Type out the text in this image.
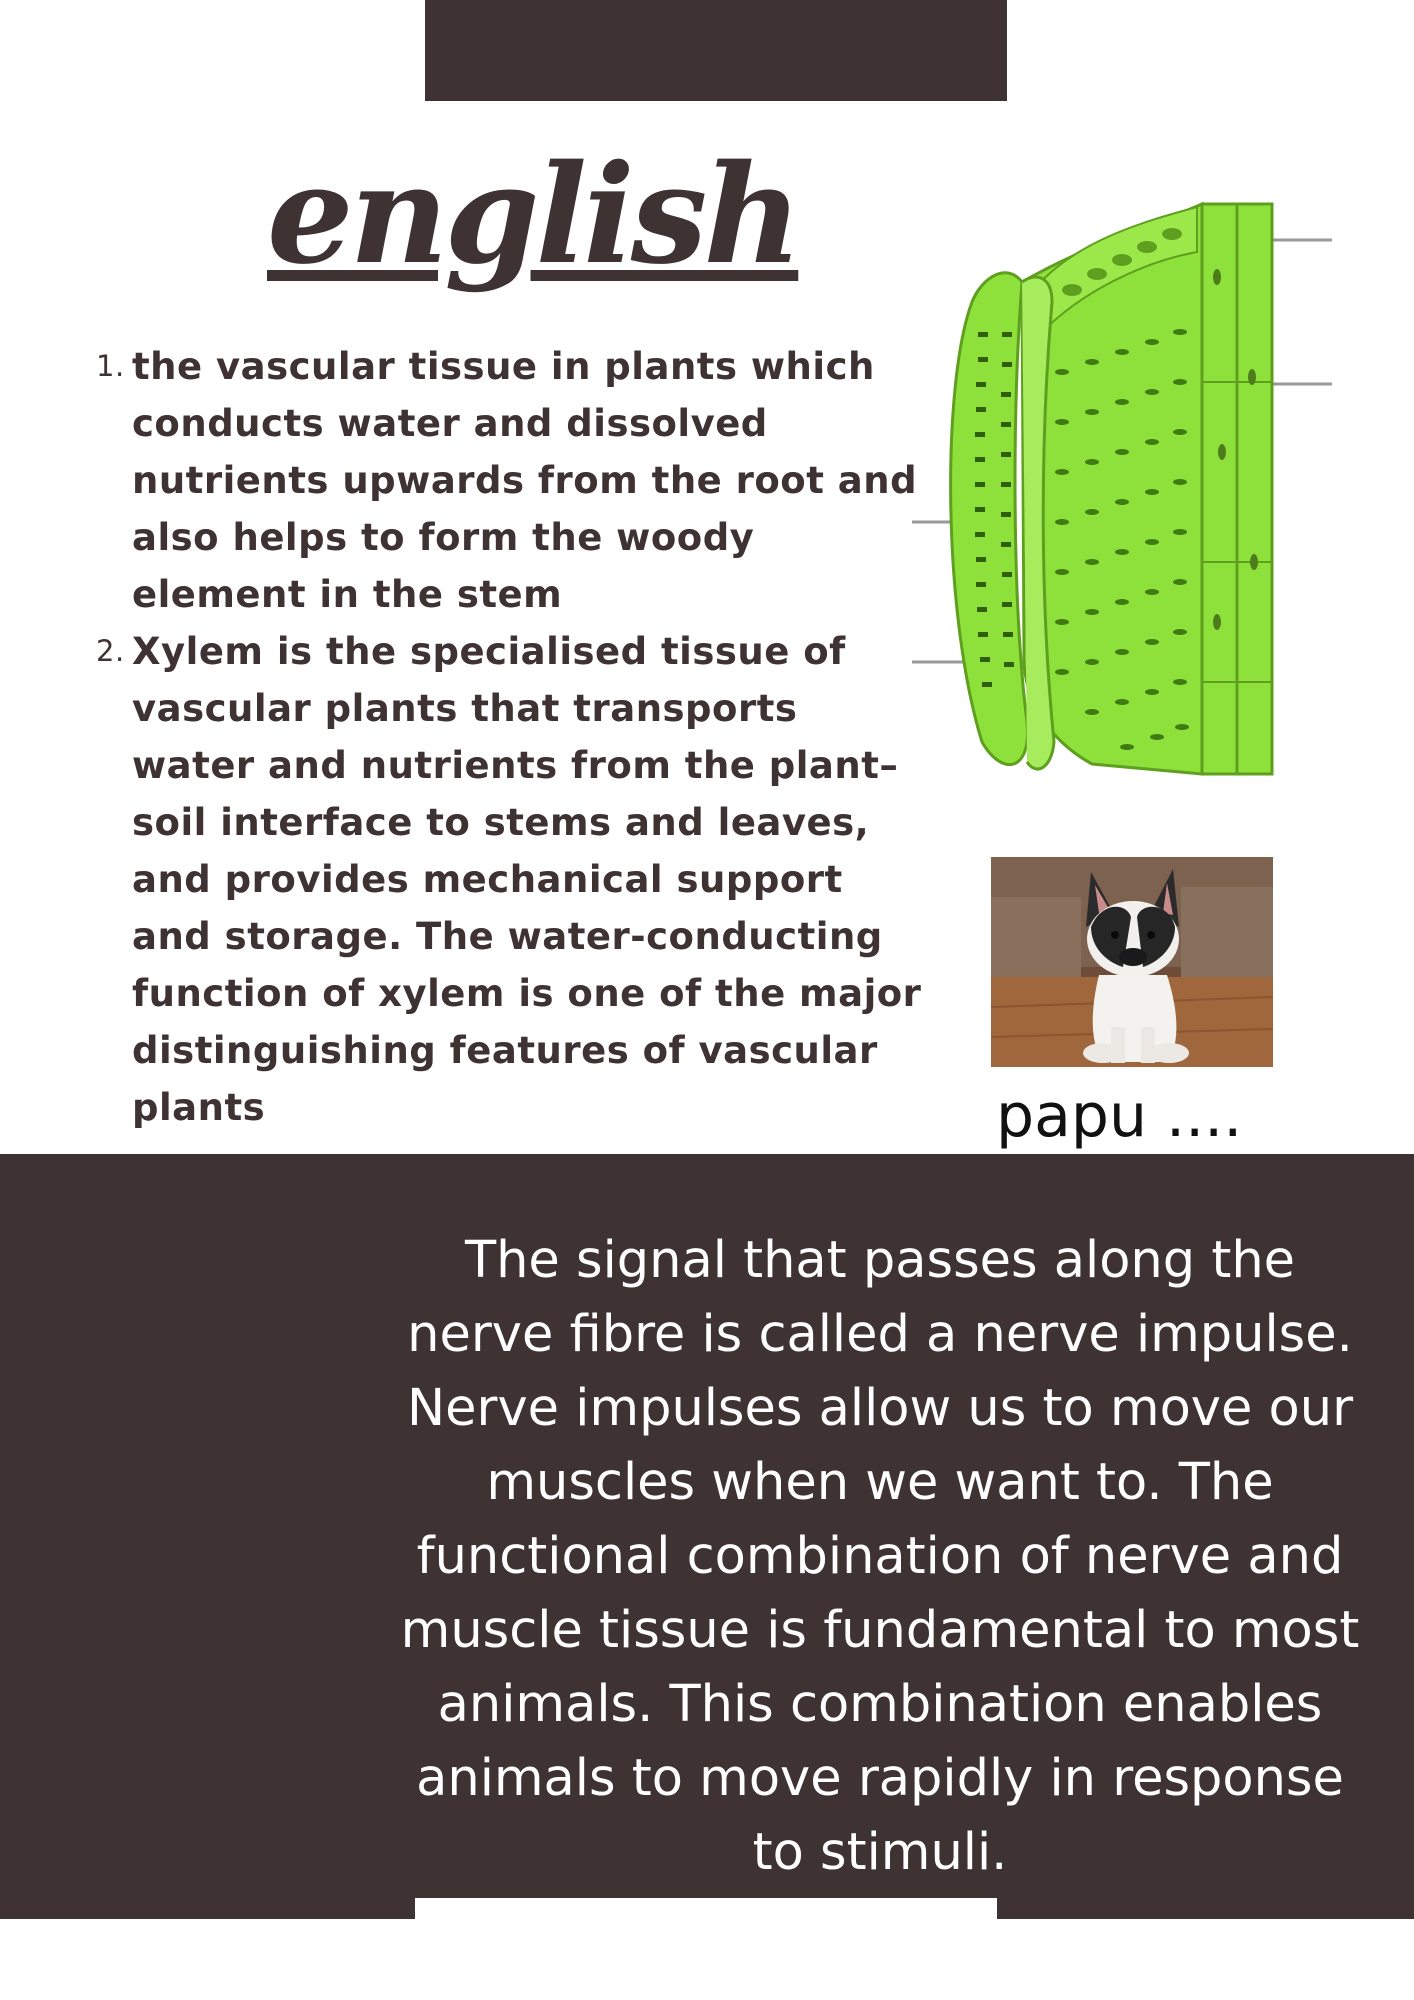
english
1. the vascular tissue in plants which conducts water and dissolved nutrients upwards from the root and also helps to form the woody element in the stem
2. Xylem is the specialised tissue of vascular plants that transports water and nutrients from the plant–soil interface to stems and leaves, and provides mechanical support and storage. The water-conducting function of xylem is one of the major distinguishing features of vascular plants	papu ....

The signal that passes along the nerve fibre is called a nerve impulse. Nerve impulses allow us to move our muscles when we want to. The functional combination of nerve and muscle tissue is fundamental to most animals. This combination enables animals to move rapidly in response to stimuli.
